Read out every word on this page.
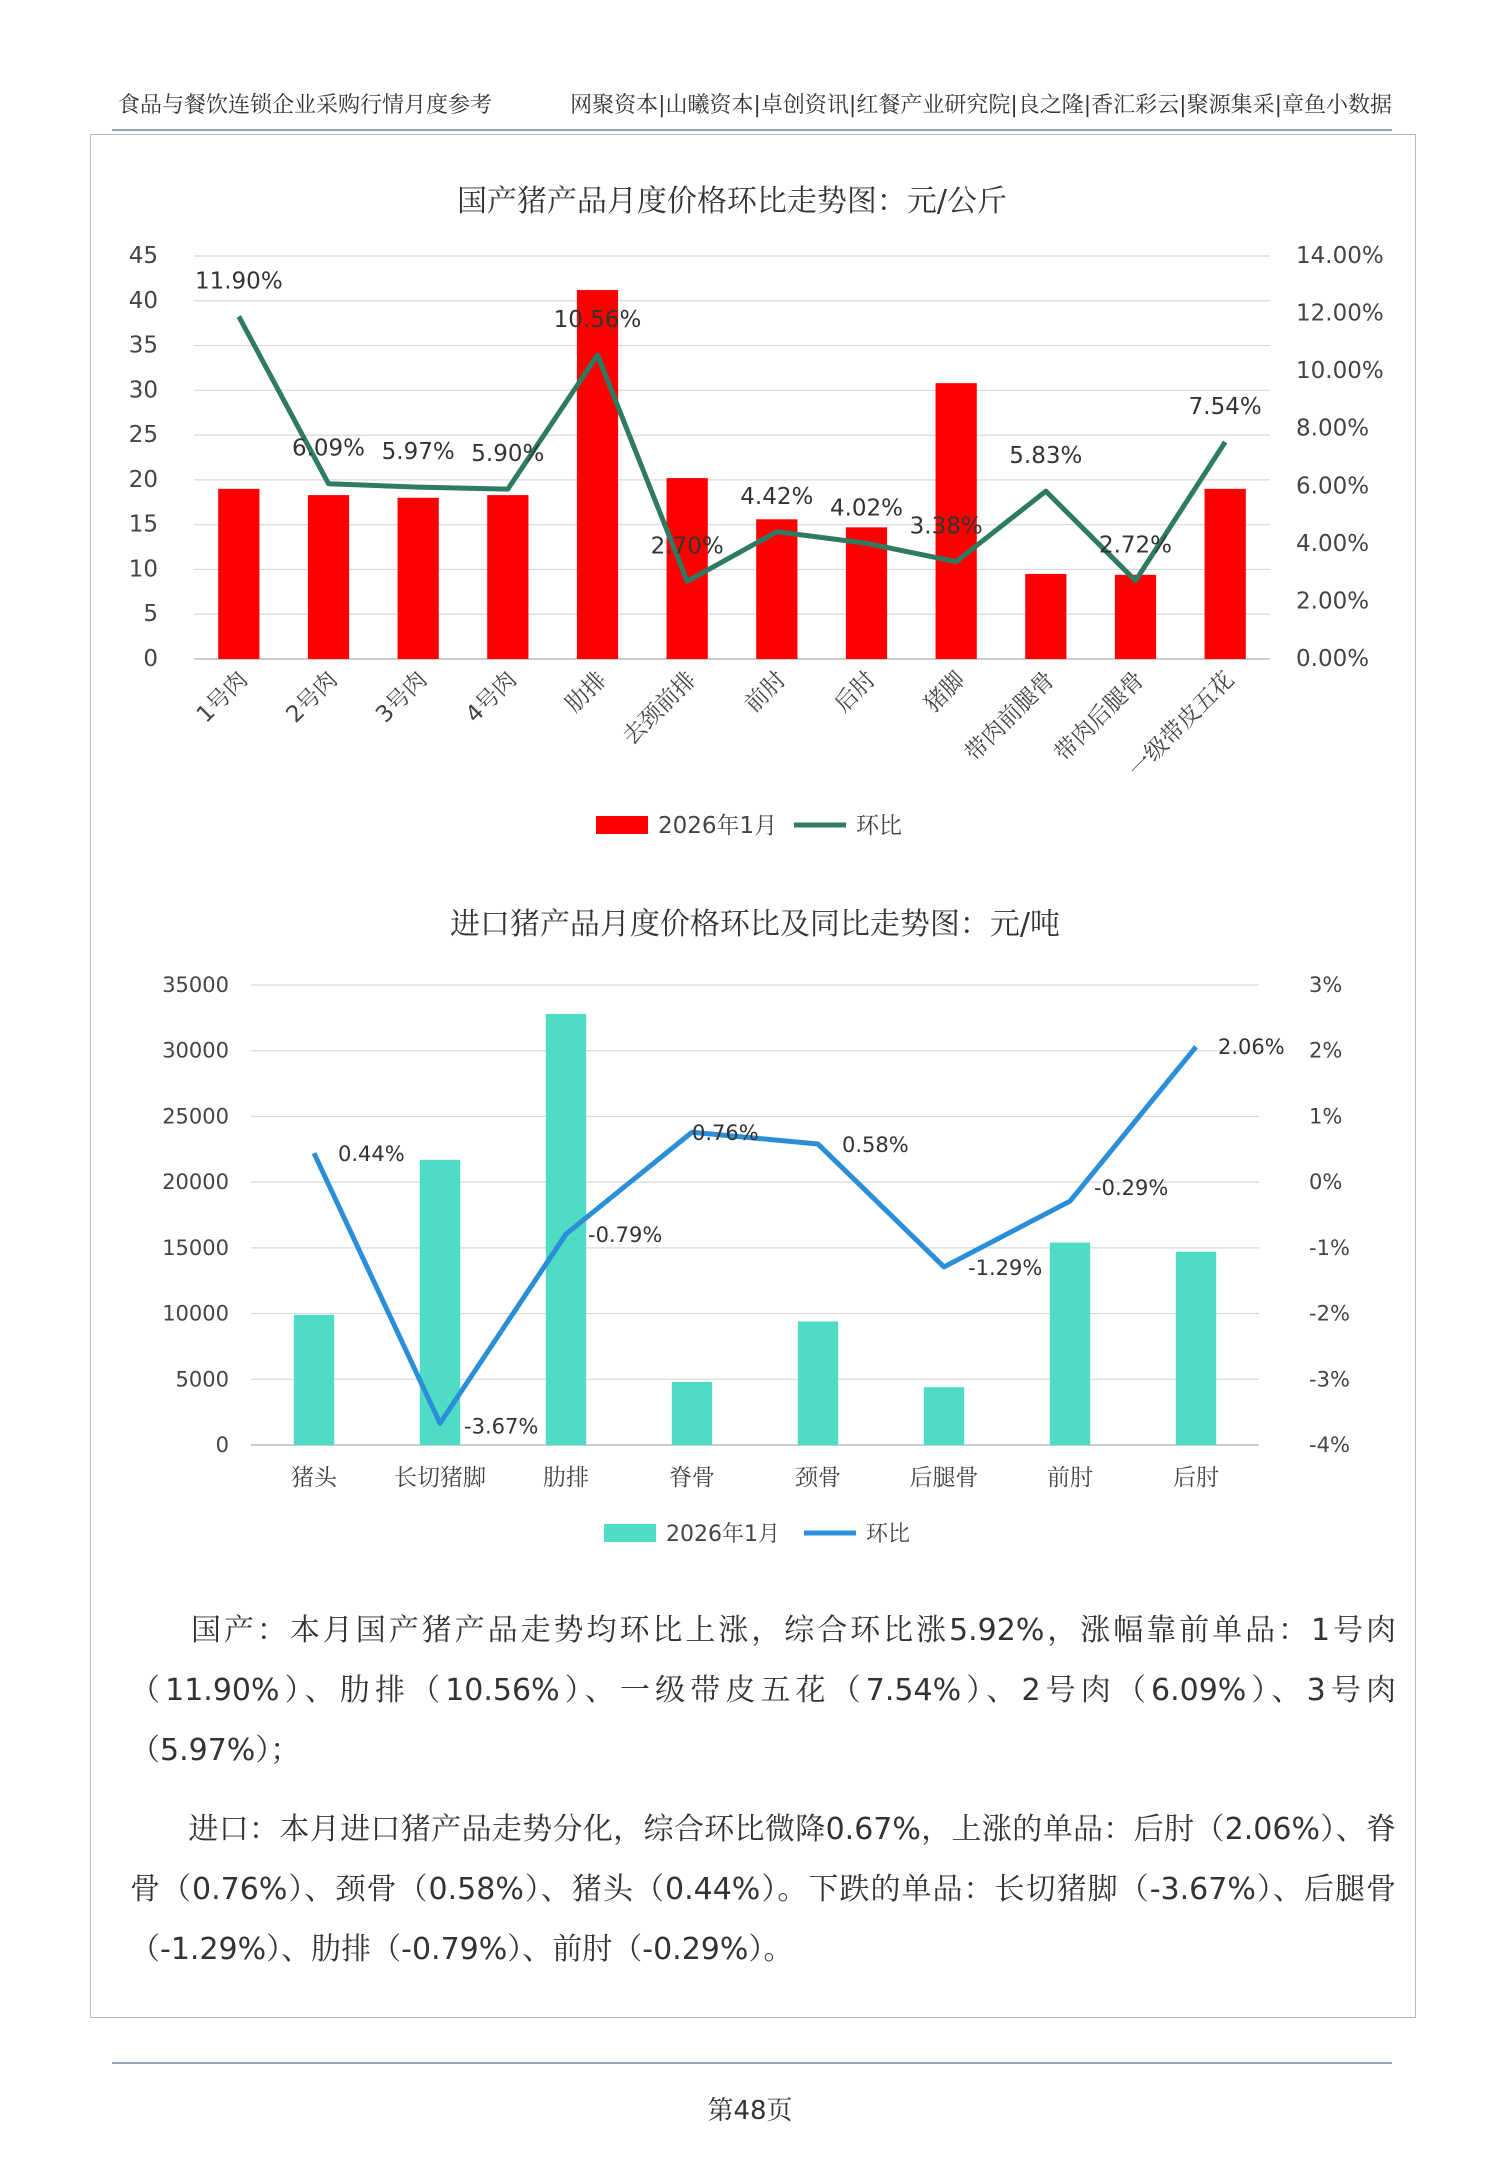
食品与餐饮连锁企业采购行情月度参考	网聚资本|山曦资本|卓创资讯|红餐产业研究院|良之隆|香汇彩云|聚源集采|章鱼小数据
国产猪产品月度价格环比走势图：元/公斤
0
5
10
15
20
25
30
35
40
45
0.00%
2.00%
4.00%
6.00%
8.00%
10.00%
12.00%
14.00%
11.90%
6.09% 5.97% 5.90%
10.56%
2.70%
4.42% 4.02%
3.38%
5.83%
2.72%
7.54%
1号肉 2号肉 3号肉 4号肉 肋排 去颈前排 前肘 后肘 猪脚
带肉前腿骨
带肉后腿骨
一级带皮五花
2026年1月	环比
进口猪产品月度价格环比及同比走势图：元/吨
0
5000
10000
15000
20000
25000
30000
35000
-4%
-3%
-2%
-1%
0%
1%
2%
3%
0.44%
-3.67%
-0.79%
0.76%	0.58%
-1.29%
-0.29%
2.06%
猪头 长切猪脚 肋排	脊骨	颈骨	后腿骨	前肘	后肘
2026年1月	环比
国产：本月国产猪产品走势均环比上涨，综合环比涨5.92%，涨幅靠前单品：1号肉（11.90%）、肋排（10.56%）、一级带皮五花（7.54%）、2号肉（6.09%）、3号肉（5.97%）；
进口：本月进口猪产品走势分化，综合环比微降0.67%，上涨的单品：后肘（2.06%）、脊骨（0.76%）、颈骨（0.58%）、猪头（0.44%）。下跌的单品：长切猪脚（-3.67%）、后腿骨（-1.29%）、肋排（-0.79%）、前肘（-0.29%）。
第48页
